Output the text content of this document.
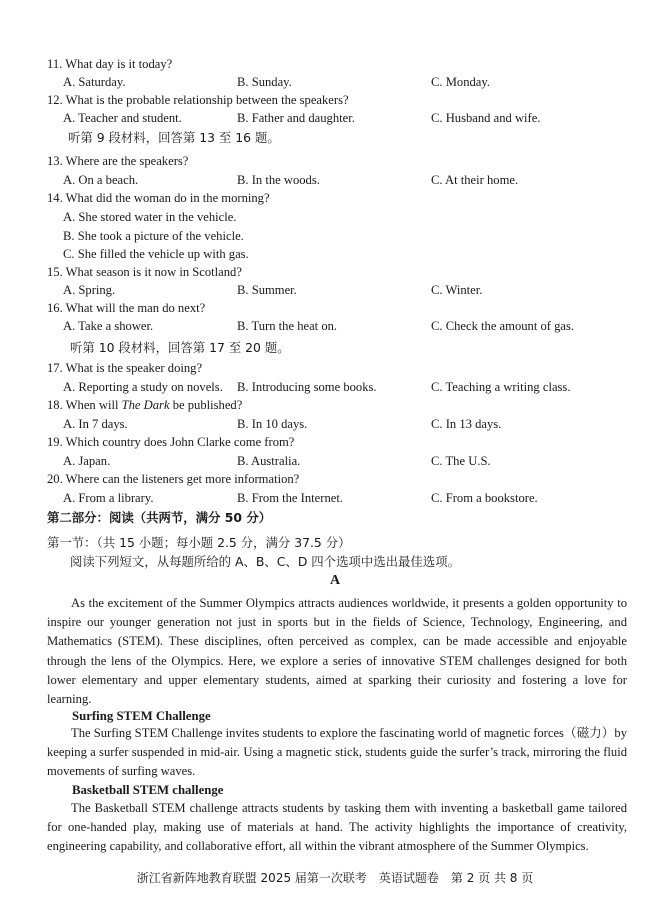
11. What day is it today?
A. Saturday.	B. Sunday.	C. Monday.
12. What is the probable relationship between the speakers?
A. Teacher and student.	B. Father and daughter.	C. Husband and wife.
听第 9 段材料，回答第 13 至 16 题。
13. Where are the speakers?
A. On a beach.	B. In the woods.	C. At their home.
14. What did the woman do in the morning?
A. She stored water in the vehicle.
B. She took a picture of the vehicle.
C. She filled the vehicle up with gas.
15. What season is it now in Scotland?
A. Spring.	B. Summer.	C. Winter.
16. What will the man do next?
A. Take a shower.	B. Turn the heat on.	C. Check the amount of gas.
听第 10 段材料，回答第 17 至 20 题。
17. What is the speaker doing?
A. Reporting a study on novels. B. Introducing some books.	C. Teaching a writing class.
18. When will The Dark be published?
A. In 7 days.	B. In 10 days.	C. In 13 days.
19. Which country does John Clarke come from?
A. Japan.	B. Australia.	C. The U.S.
20. Where can the listeners get more information?
A. From a library.	B. From the Internet.	C. From a bookstore.
第二部分：阅读（共两节，满分 50 分）
第一节：（共 15 小题；每小题 2.5 分，满分 37.5 分）
阅读下列短文，从每题所给的 A、B、C、D 四个选项中选出最佳选项。
A
As the excitement of the Summer Olympics attracts audiences worldwide, it presents a golden opportunity to inspire our younger generation not just in sports but in the fields of Science, Technology, Engineering, and Mathematics (STEM). These disciplines, often perceived as complex, can be made accessible and enjoyable through the lens of the Olympics. Here, we explore a series of innovative STEM challenges designed for both lower elementary and upper elementary students, aimed at sparking their curiosity and fostering a love for learning.
Surfing STEM Challenge
The Surfing STEM Challenge invites students to explore the fascinating world of magnetic forces（磁力）by keeping a surfer suspended in mid-air. Using a magnetic stick, students guide the surfer’s track, mirroring the fluid movements of surfing waves.
Basketball STEM challenge
The Basketball STEM challenge attracts students by tasking them with inventing a basketball game tailored for one-handed play, making use of materials at hand. The activity highlights the importance of creativity, engineering capability, and collaborative effort, all within the vibrant atmosphere of the Summer Olympics.
浙江省新阵地教育联盟 2025 届第一次联考　英语试题卷　第 2 页 共 8 页
